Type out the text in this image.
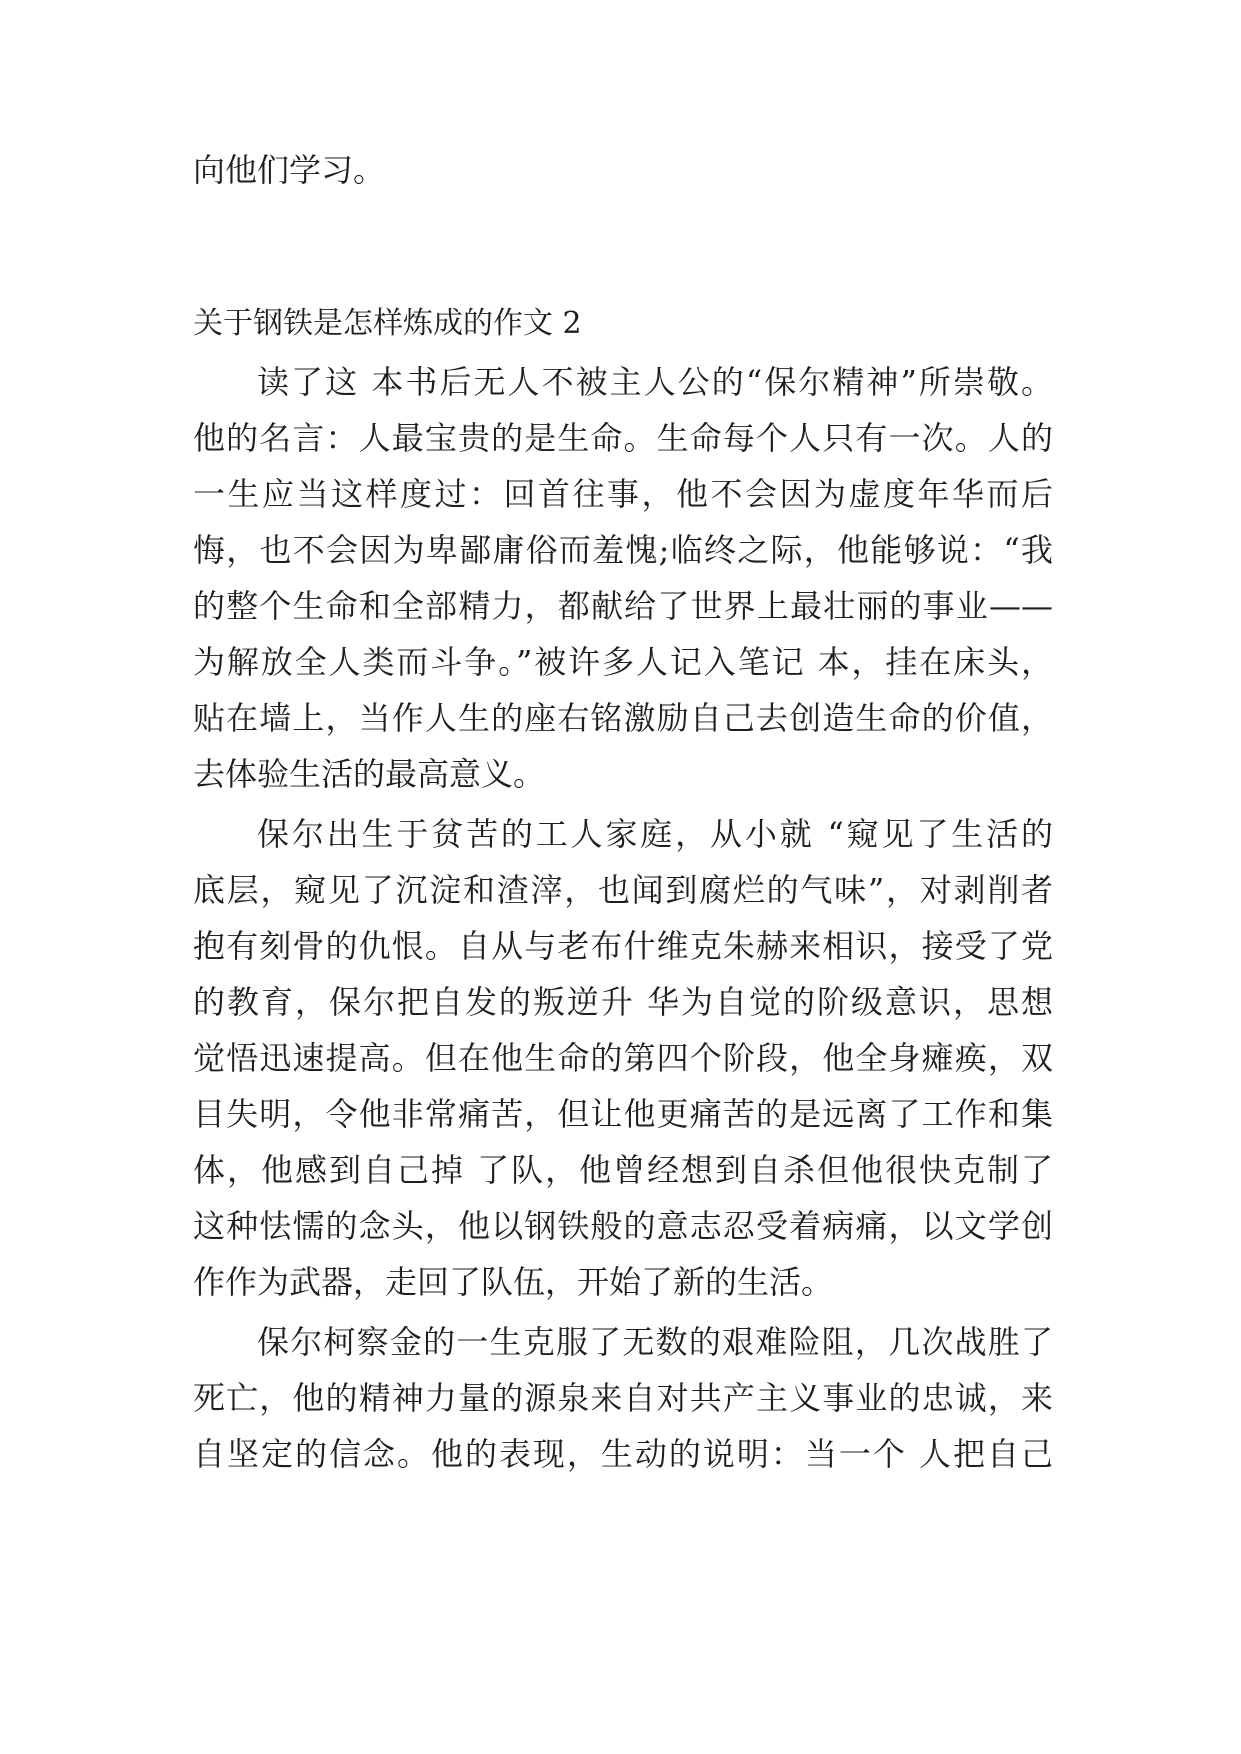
向他们学习。
关于钢铁是怎样炼成的作文 2
读了这 本书后无人不被主人公的“保尔精神”所崇敬。
他的名言：人最宝贵的是生命。生命每个人只有一次。人的
一生应当这样度过：回首往事，他不会因为虚度年华而后
悔，也不会因为卑鄙庸俗而羞愧;临终之际，他能够说：“我
的整个生命和全部精力，都献给了世界上最壮丽的事业——
为解放全人类而斗争。”被许多人记入笔记 本，挂在床头，
贴在墙上，当作人生的座右铭激励自己去创造生命的价值，
去体验生活的最高意义。
保尔出生于贫苦的工人家庭，从小就 “窥见了生活的
底层，窥见了沉淀和渣滓，也闻到腐烂的气味”，对剥削者
抱有刻骨的仇恨。自从与老布什维克朱赫来相识，接受了党
的教育，保尔把自发的叛逆升 华为自觉的阶级意识，思想
觉悟迅速提高。但在他生命的第四个阶段，他全身瘫痪，双
目失明，令他非常痛苦，但让他更痛苦的是远离了工作和集
体，他感到自己掉 了队，他曾经想到自杀但他很快克制了
这种怯懦的念头，他以钢铁般的意志忍受着病痛，以文学创
作作为武器，走回了队伍，开始了新的生活。
保尔柯察金的一生克服了无数的艰难险阻，几次战胜了
死亡，他的精神力量的源泉来自对共产主义事业的忠诚，来
自坚定的信念。他的表现，生动的说明：当一个 人把自己
